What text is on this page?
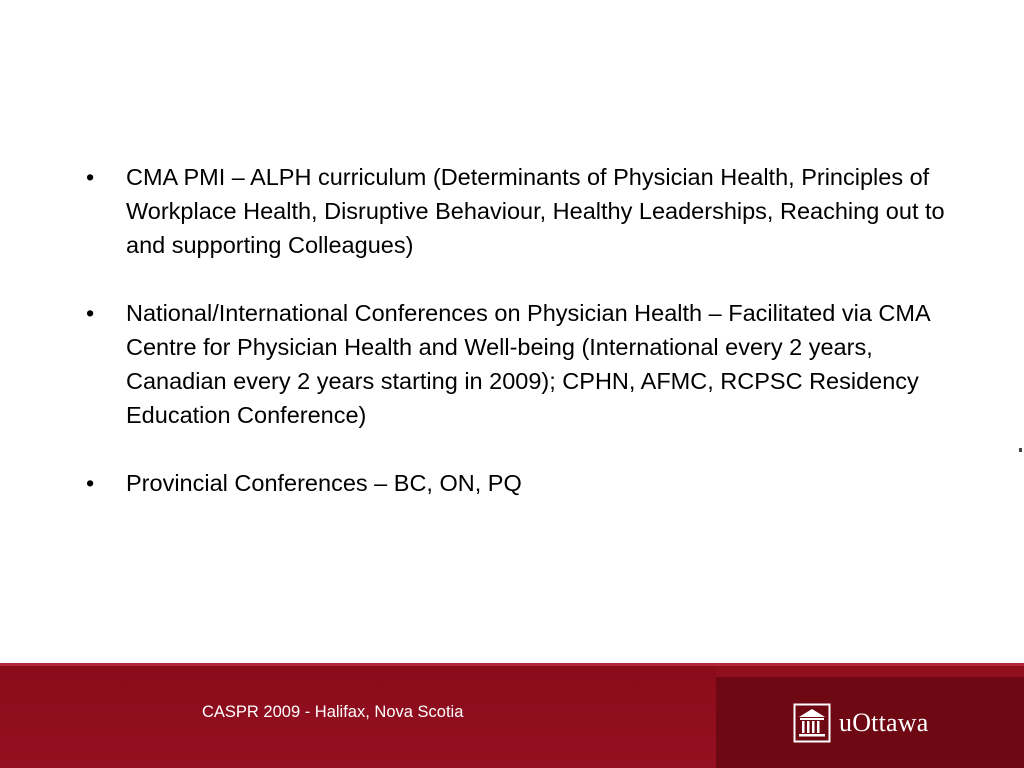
• CMA PMI – ALPH curriculum (Determinants of Physician Health, Principles of Workplace Health, Disruptive Behaviour, Healthy Leaderships, Reaching out to and supporting Colleagues)
• National/International Conferences on Physician Health – Facilitated via CMA Centre for Physician Health and Well-being (International every 2 years, Canadian every 2 years starting in 2009); CPHN, AFMC, RCPSC Residency Education Conference)
• Provincial Conferences – BC, ON, PQ
CASPR 2009 - Halifax, Nova Scotia	uOttawa
